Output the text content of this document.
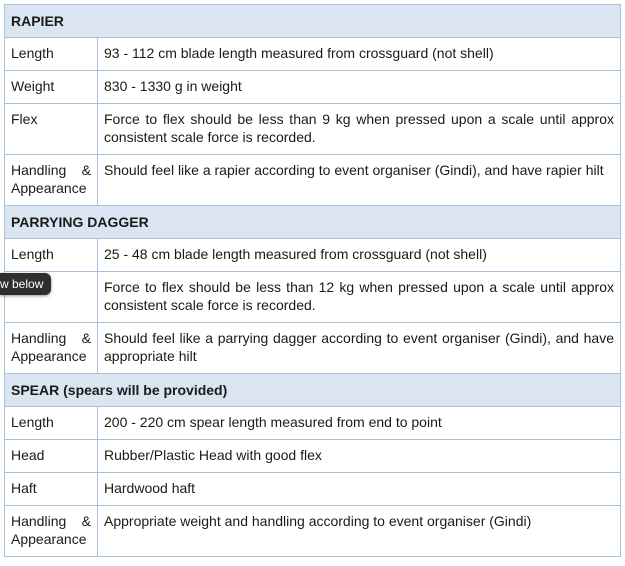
RAPIER	
Length	93 - 112 cm blade length measured from crossguard (not shell)
Weight	830 - 1330 g in weight
Flex	Force to flex should be less than 9 kg when pressed upon a scale until approx consistent scale force is recorded.
Handling & Appearance	Should feel like a rapier according to event organiser (Gindi), and have rapier hilt
PARRYING DAGGER	
Length	25 - 48 cm blade length measured from crossguard (not shell)
	Force to flex should be less than 12 kg when pressed upon a scale until approx consistent scale force is recorded.
Handling & Appearance	Should feel like a parrying dagger according to event organiser (Gindi), and have appropriate hilt
SPEAR (spears will be provided)	
Length	200 - 220 cm spear length measured from end to point
Head	Rubber/Plastic Head with good flex
Haft	Hardwood haft
Handling & Appearance	Appropriate weight and handling according to event organiser (Gindi)
w below
